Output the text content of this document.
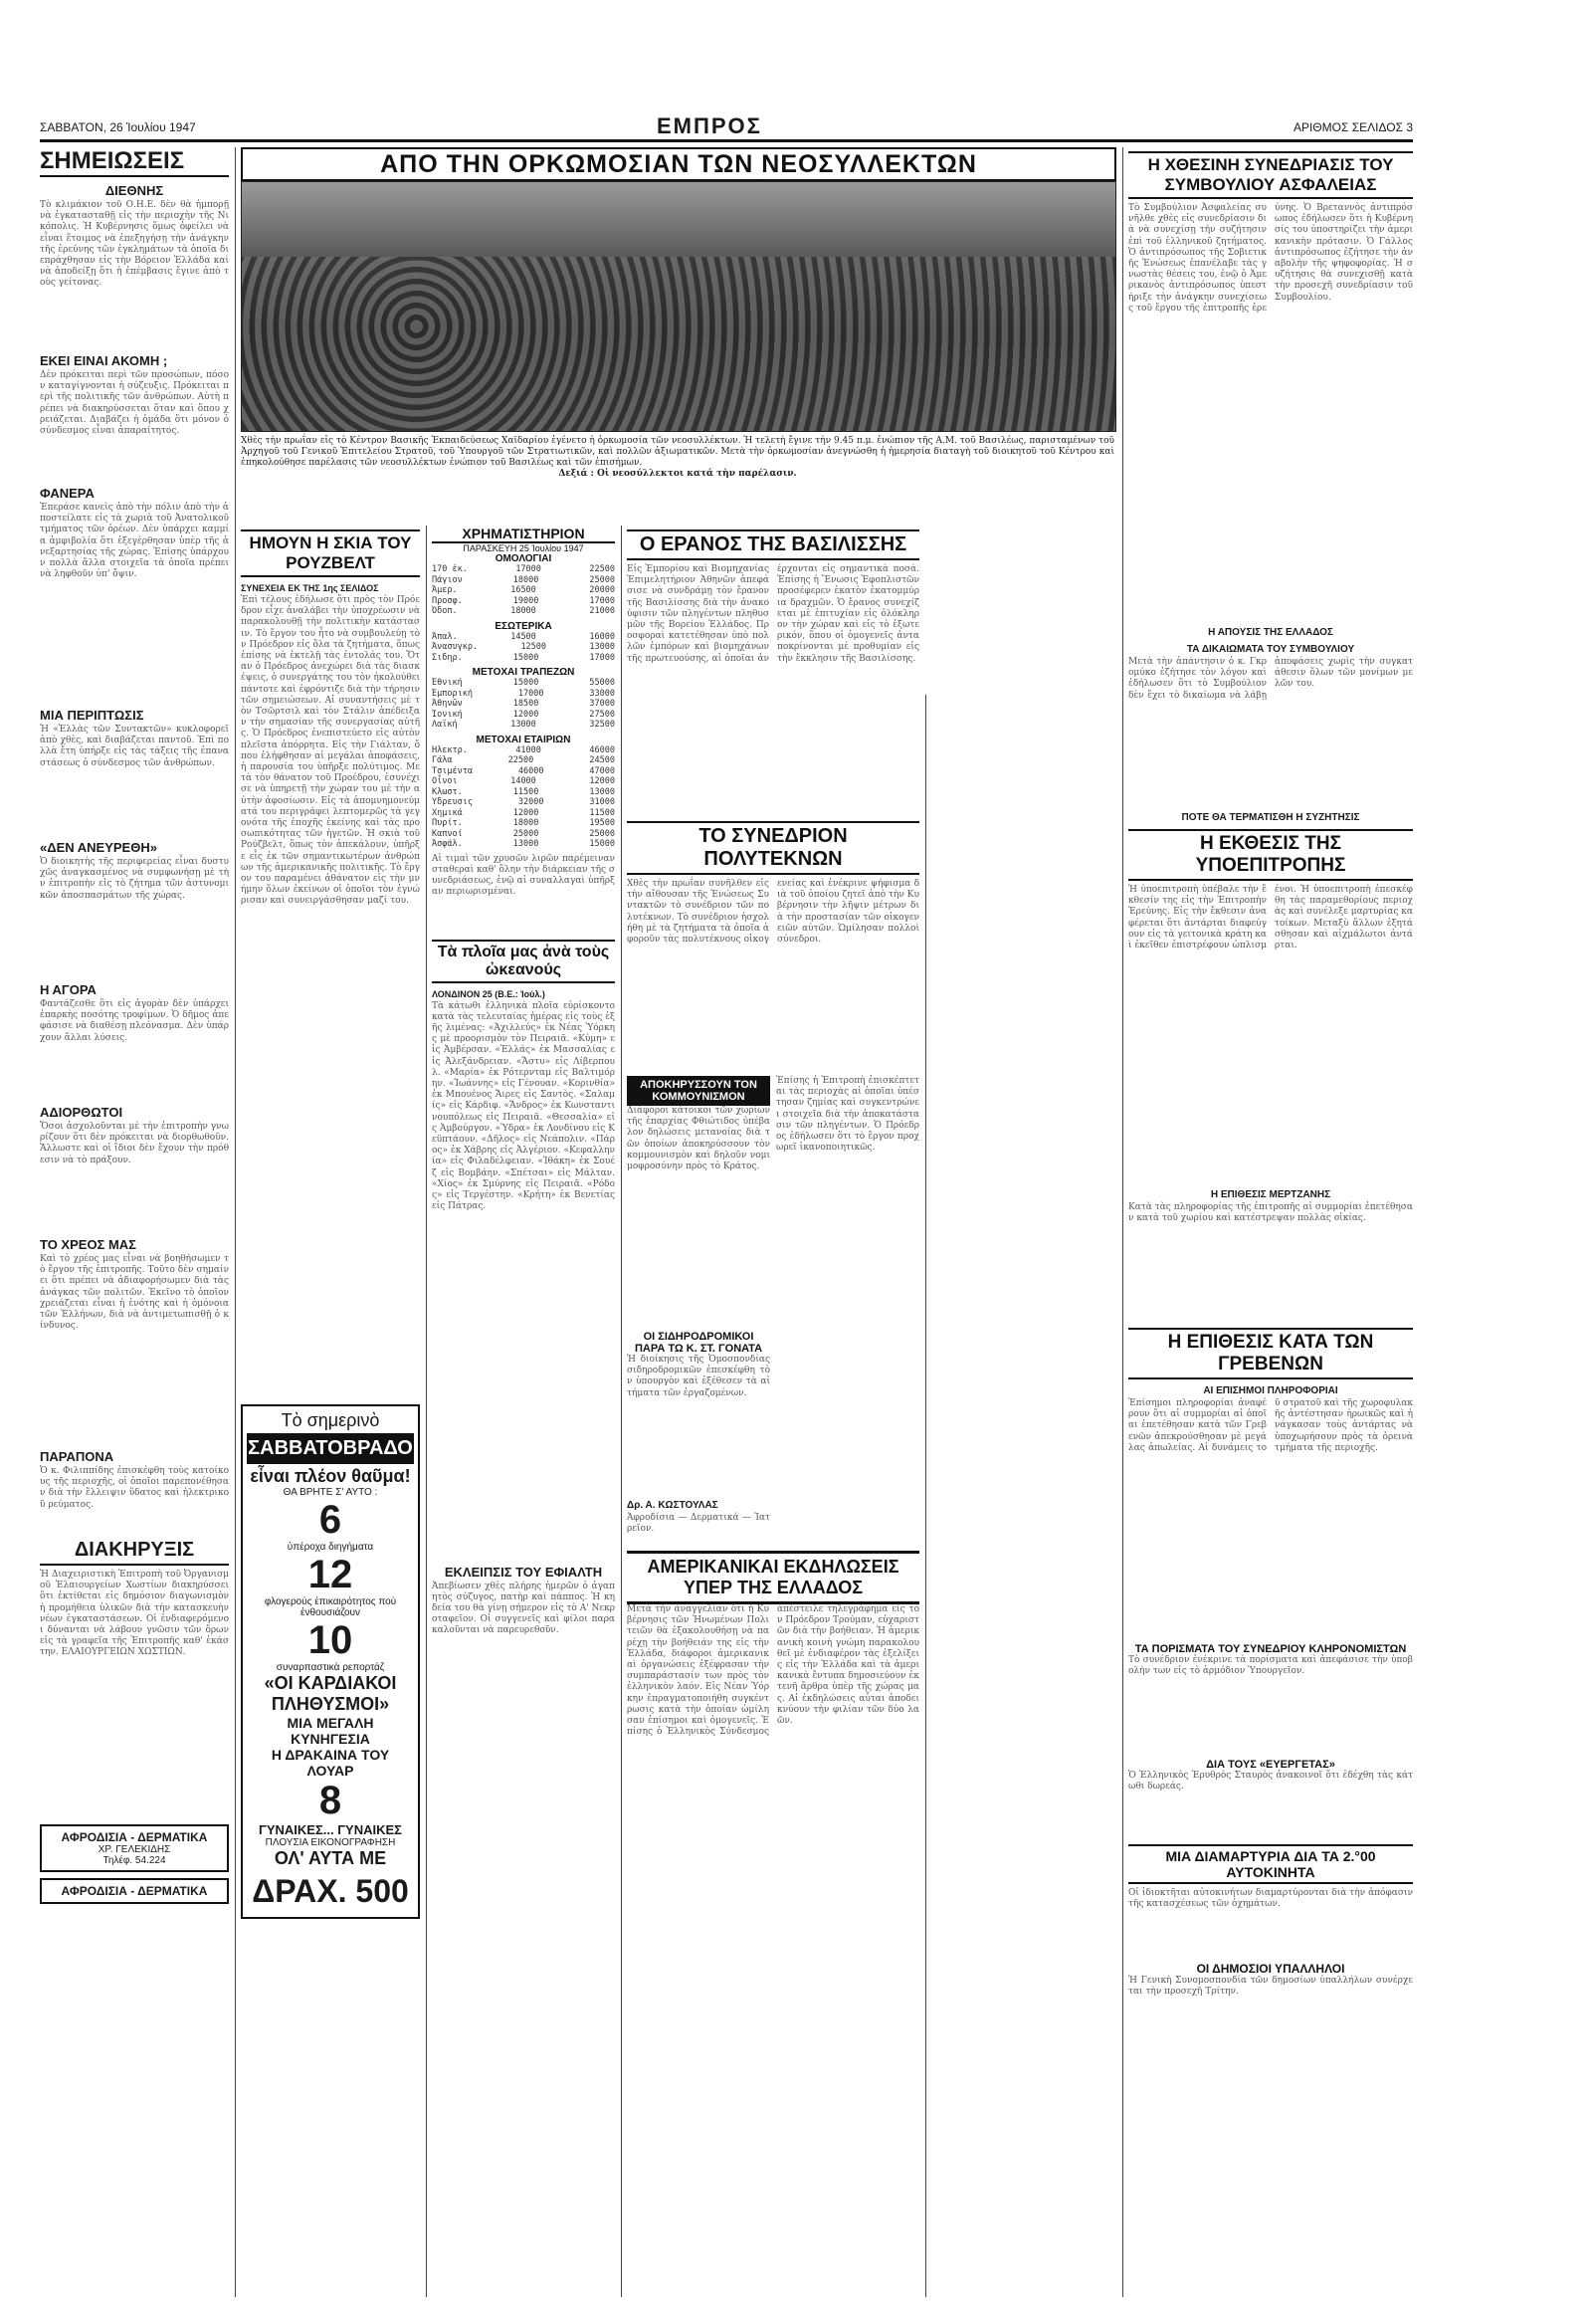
ΣΑΒΒΑΤΟΝ, 26 Ἰουλίου 1947	ΕΜΠΡΟΣ	ΑΡΙΘΜΟΣ ΣΕΛΙΔΟΣ 3
ΣΗΜΕΙΩΣΕΙΣ
ΔΙΕΘΝΗΣ
Τὸ κλιμάκιον τοῦ Ο.Η.Ε. δὲν θὰ ἠμπορῇ νὰ ἐγκατασταθῇ εἰς τὴν περιοχὴν τῆς Νικόπολις. Ἡ Κυβέρνησις ὅμως ὀφείλει νὰ εἶναι ἕτοιμος νὰ ἐπεξηγήσῃ τὴν ἀνάγκην τῆς ἐρεύνης τῶν ἐγκλημάτων τὰ ὁποῖα διεπράχθησαν εἰς τὴν Βόρειον Ἑλλάδα καὶ νὰ ἀποδείξῃ ὅτι ἡ ἐπέμβασις ἔγινε ἀπὸ τοὺς γείτονας.
ΕΚΕΙ ΕΙΝΑΙ ΑΚΟΜΗ ;
Δὲν πρόκειται περὶ τῶν προσώπων, πόσον καταγίγνονται ἡ σύζευξις. Πρόκειται περὶ τῆς πολιτικῆς τῶν ἀνθρώπων. Αὐτὴ πρέπει νὰ διακηρύσσεται ὅταν καὶ ὅπου χρειάζεται. Διαβάζει ἡ ὁμάδα ὅτι μόνον ὁ σύνδεσμος εἶναι ἀπαραίτητος.
ΦΑΝΕΡΑ
Ἐπεράσε κανεὶς ἀπὸ τὴν πόλιν ἀπὸ τὴν ἀποστείλατε εἰς τὰ χωριὰ τοῦ Ἀνατολικοῦ τμήματος τῶν ὀρέων. Δὲν ὑπάρχει καμμία ἀμφιβολία ὅτι ἐξεγέρθησαν ὑπὲρ τῆς ἀνεξαρτησίας τῆς χώρας. Ἐπίσης ὑπάρχουν πολλὰ ἄλλα στοιχεῖα τὰ ὁποῖα πρέπει νὰ ληφθοῦν ὑπ' ὄψιν.
ΜΙΑ ΠΕΡΙΠΤΩΣΙΣ
Ἡ «Ἑλλὰς τῶν Συντακτῶν» κυκλοφορεῖ ἀπὸ χθὲς, καὶ διαβάζεται παντοῦ. Ἐπὶ πολλὰ ἔτη ὑπήρξε εἰς τὰς τάξεις τῆς ἐπαναστάσεως ὁ σύνδεσμος τῶν ἀνθρώπων.
«ΔΕΝ ΑΝΕΥΡΕΘΗ»
Ὁ διοικητὴς τῆς περιφερείας εἶναι δυστυχῶς ἀναγκασμένος νὰ συμφωνήσῃ μὲ τὴν ἐπιτροπὴν εἰς τὸ ζήτημα τῶν ἀστυνομικῶν ἀποσπασμάτων τῆς χώρας.
Η ΑΓΟΡΑ
Φαντάζεσθε ὅτι εἰς ἀγορὰν δὲν ὑπάρχει ἐπαρκὴς ποσότης τροφίμων. Ὁ δῆμος ἀπεφάσισε νὰ διαθέσῃ πλεόνασμα. Δὲν ὑπάρχουν ἄλλαι λύσεις.
ΑΔΙΟΡΘΩΤΟΙ
Ὅσοι ἀσχολοῦνται μὲ τὴν ἐπιτροπὴν γνωρίζουν ὅτι δὲν πρόκειται νὰ διορθωθοῦν. Ἄλλωστε καὶ οἱ ἴδιοι δὲν ἔχουν τὴν πρόθεσιν νὰ τὸ πράξουν.
ΤΟ ΧΡΕΟΣ ΜΑΣ
Καὶ τὸ χρέος μας εἶναι νὰ βοηθήσωμεν τὸ ἔργον τῆς ἐπιτροπῆς. Τοῦτο δὲν σημαίνει ὅτι πρέπει νὰ ἀδιαφορήσωμεν διὰ τὰς ἀνάγκας τῶν πολιτῶν. Ἐκεῖνο τὸ ὁποῖον χρειάζεται εἶναι ἡ ἑνότης καὶ ἡ ὁμόνοια τῶν Ἑλλήνων, διὰ νὰ ἀντιμετωπισθῇ ὁ κίνδυνος.
ΠΑΡΑΠΟΝΑ
Ὁ κ. Φιλιππίδης ἐπισκέφθη τοὺς κατοίκους τῆς περιοχῆς, οἱ ὁποῖοι παρεπονέθησαν διὰ τὴν ἔλλειψιν ὕδατος καὶ ἠλεκτρικοῦ ρεύματος.
ΔΙΑΚΗΡΥΞΙΣ
Ἡ Διαχειριστικὴ Ἐπιτροπὴ τοῦ Ὀργανισμοῦ Ἐλαιουργείων Χωστίων διακηρύσσει ὅτι ἐκτίθεται εἰς δημόσιον διαγωνισμὸν ἡ προμήθεια ὑλικῶν διὰ τὴν κατασκευὴν νέων ἐγκαταστάσεων. Οἱ ἐνδιαφερόμενοι δύνανται νὰ λάβουν γνῶσιν τῶν ὅρων εἰς τὰ γραφεῖα τῆς Ἐπιτροπῆς καθ' ἑκάστην. ΕΛΑΙΟΥΡΓΕΙΩΝ ΧΩΣΤΙΩΝ.
ΑΦΡΟΔΙΣΙΑ - ΔΕΡΜΑΤΙΚΑ
ΧΡ. ΓΕΛΕΚΙΔΗΣ
Τηλέφ. 54.224
ΑΦΡΟΔΙΣΙΑ - ΔΕΡΜΑΤΙΚΑ
ΑΠΟ ΤΗΝ ΟΡΚΩΜΟΣΙΑΝ ΤΩΝ ΝΕΟΣΥΛΛΕΚΤΩΝ
Χθὲς τὴν πρωΐαν εἰς τὸ Κέντρον Βασικῆς Ἐκπαιδεύσεως Χαϊδαρίου ἐγένετο ἡ ὁρκωμοσία τῶν νεοσυλλέκτων. Ἡ τελετὴ ἔγινε τὴν 9.45 π.μ. ἐνώπιον τῆς Α.Μ. τοῦ Βασιλέως, παρισταμένων τοῦ Ἀρχηγοῦ τοῦ Γενικοῦ Ἐπιτελείου Στρατοῦ, τοῦ Ὑπουργοῦ τῶν Στρατιωτικῶν, καὶ πολλῶν ἀξιωματικῶν. Μετὰ τὴν ὁρκωμοσίαν ἀνεγνώσθη ἡ ἡμερησία διαταγὴ τοῦ διοικητοῦ τοῦ Κέντρου καὶ ἐπηκολούθησε παρέλασις τῶν νεοσυλλέκτων ἐνώπιον τοῦ Βασιλέως καὶ τῶν ἐπισήμων.
Δεξιά : Οἱ νεοσύλλεκτοι κατά τὴν παρέλασιν.
ΗΜΟΥΝ Η ΣΚΙΑ ΤΟΥ ΡΟΥΖΒΕΛΤ
ΣΥΝΕΧΕΙΑ ΕΚ ΤΗΣ 1ης ΣΕΛΙΔΟΣ
Ἐπὶ τέλους ἐδήλωσε ὅτι πρὸς τὸν Πρόεδρον εἶχε ἀναλάβει τὴν ὑποχρέωσιν νὰ παρακολουθῇ τὴν πολιτικὴν κατάστασιν. Τὸ ἔργον του ἦτο νὰ συμβουλεύῃ τὸν Πρόεδρον εἰς ὅλα τὰ ζητήματα, ὅπως ἐπίσης νὰ ἐκτελῇ τὰς ἐντολάς του. Ὅταν ὁ Πρόεδρος ἀνεχώρει διὰ τὰς διασκέψεις, ὁ συνεργάτης του τὸν ἠκολούθει πάντοτε καὶ ἐφρόντιζε διὰ τὴν τήρησιν τῶν σημειώσεων. Αἱ συναντήσεις μὲ τὸν Τσῶρτσιλ καὶ τὸν Στάλιν ἀπέδειξαν τὴν σημασίαν τῆς συνεργασίας αὐτῆς. Ὁ Πρόεδρος ἐνεπιστεύετο εἰς αὐτὸν πλεῖστα ἀπόρρητα. Εἰς τὴν Γιάλταν, ὅπου ἐλήφθησαν αἱ μεγάλαι ἀποφάσεις, ἡ παρουσία του ὑπῆρξε πολύτιμος. Μετὰ τὸν θάνατον τοῦ Προέδρου, ἐσυνέχισε νὰ ὑπηρετῇ τὴν χώραν του μὲ τὴν αὐτὴν ἀφοσίωσιν. Εἰς τὰ ἀπομνημονεύματά του περιγράφει λεπτομερῶς τὰ γεγονότα τῆς ἐποχῆς ἐκείνης καὶ τὰς προσωπικότητας τῶν ἡγετῶν. Ἡ σκιὰ τοῦ Ρούζβελτ, ὅπως τὸν ἀπεκάλουν, ὑπῆρξε εἷς ἐκ τῶν σημαντικωτέρων ἀνθρώπων τῆς ἀμερικανικῆς πολιτικῆς. Τὸ ἔργον του παραμένει ἀθάνατον εἰς τὴν μνήμην ὅλων ἐκείνων οἱ ὁποῖοι τὸν ἐγνώρισαν καὶ συνειργάσθησαν μαζί του.
Τὸ σημερινὸ
ΣΑΒΒΑΤΟΒΡΑΔΟ
εἶναι πλέον θαῦμα!
ΘΑ ΒΡΗΤΕ Σ' ΑΥΤΟ :
6
ὑπέροχα διηγήματα
12
φλογερούς ἐπικαιρότητος ποὺ ἐνθουσιάζουν
10
συναρπαστικὰ ρεπορτάζ
«ΟΙ ΚΑΡΔΙΑΚΟΙ ΠΛΗΘΥΣΜΟΙ»
ΜΙΑ ΜΕΓΑΛΗ ΚΥΝΗΓΕΣΙΑ
Η ΔΡΑΚΑΙΝΑ ΤΟΥ ΛΟΥΑΡ
8
ΓΥΝΑΙΚΕΣ... ΓΥΝΑΙΚΕΣ
ΠΛΟΥΣΙΑ ΕΙΚΟΝΟΓΡΑΦΗΣΗ
ΟΛ' ΑΥΤΑ ΜΕ
ΔΡΑΧ. 500
ΧΡΗΜΑΤΙΣΤΗΡΙΟΝ
ΠΑΡΑΣΚΕΥΗ 25 Ἰουλίου 1947
ΟΜΟΛΟΓΙΑΙ
170 ἐκ.	17000	22500
Πάγιον	18000	25000
Ἀμερ.	16500	20000
Προσφ.	19000	17000
Ὀδοπ.	18000	21000
ΕΣΩΤΕΡΙΚΑ
Ἀπαλ.	14500	16000
Ἀνασυγκρ.	12500	13000
Σιδηρ.	15000	17000
ΜΕΤΟΧΑΙ ΤΡΑΠΕΖΩΝ
Ἐθνική	15000	55000
Ἐμπορική	17000	33000
Ἀθηνῶν	18500	37000
Ἰονική	12000	27500
Λαϊκή	13000	32500
ΜΕΤΟΧΑΙ ΕΤΑΙΡΙΩΝ
Ἠλεκτρ.	41000	46000
Γάλα	22500	24500
Τσιμέντα	46000	47000
Οἶνοι	14000	12000
Κλωστ.	11500	13000
Ὕδρευσις	32000	31000
Χημικά	12000	11500
Πυρίτ.	18000	19500
Καπνοί	25000	25000
Ἀσφάλ.	13000	15000
Αἱ τιμαὶ τῶν χρυσῶν λιρῶν παρέμειναν σταθεραὶ καθ' ὅλην τὴν διάρκειαν τῆς συνεδριάσεως, ἐνῷ αἱ συναλλαγαὶ ὑπῆρξαν περιωρισμέναι.
Τὰ πλοῖα μας ἀνὰ τοὺς ὠκεανούς
ΛΟΝΔΙΝΟΝ 25 (Β.Ε.: Ἰούλ.)
Τὰ κάτωθι ἑλληνικὰ πλοῖα εὑρίσκοντο κατὰ τὰς τελευταίας ἡμέρας εἰς τοὺς ἑξῆς λιμένας: «Ἀχιλλεύς» ἐκ Νέας Ὑόρκης μὲ προορισμὸν τὸν Πειραιᾶ. «Κύμη» εἰς Ἀμβέρσαν. «Ἑλλάς» ἐκ Μασσαλίας εἰς Ἀλεξάνδρειαν. «Ἄστυ» εἰς Λίβερπουλ. «Μαρία» ἐκ Ρότερνταμ εἰς Βαλτιμόρην. «Ἰωάννης» εἰς Γένουαν. «Κορινθία» ἐκ Μπουένος Ἄιρες εἰς Σαντὸς. «Σαλαμίς» εἰς Κάρδιφ. «Ἄνδρος» ἐκ Κωνσταντινουπόλεως εἰς Πειραιᾶ. «Θεσσαλία» εἰς Ἀμβούργον. «Ὑδρα» ἐκ Λονδίνου εἰς Κεϋπτάουν. «Δῆλος» εἰς Νεάπολιν. «Πάρος» ἐκ Χάβρης εἰς Ἀλγέριον. «Κεφαλληνία» εἰς Φιλαδέλφειαν. «Ἰθάκη» ἐκ Σουέζ εἰς Βομβάην. «Σπέτσαι» εἰς Μάλταν. «Χίος» ἐκ Σμύρνης εἰς Πειραιᾶ. «Ρόδος» εἰς Τεργέστην. «Κρήτη» ἐκ Βενετίας εἰς Πάτρας.
ΕΚΛΕΙΠΣΙΣ ΤΟΥ ΕΦΙΑΛΤΗ
Ἀπεβίωσεν χθὲς πλήρης ἡμερῶν ὁ ἀγαπητὸς σύζυγος, πατὴρ καὶ πάππος. Ἡ κηδεία του θὰ γίνῃ σήμερον εἰς τὸ Α' Νεκροταφεῖον. Οἱ συγγενεῖς καὶ φίλοι παρακαλοῦνται νὰ παρευρεθοῦν.
Ο ΕΡΑΝΟΣ ΤΗΣ ΒΑΣΙΛΙΣΣΗΣ
Εἰς Ἐμπορίου καὶ Βιομηχανίας Ἐπιμελητήριον Ἀθηνῶν ἀπεφάσισε νὰ συνδράμῃ τὸν ἔρανον τῆς Βασιλίσσης διὰ τὴν ἀνακούφισιν τῶν πληγέντων πληθυσμῶν τῆς Βορείου Ἑλλάδος. Προσφοραὶ κατετέθησαν ὑπὸ πολλῶν ἐμπόρων καὶ βιομηχάνων τῆς πρωτευούσης, αἱ ὁποῖαι ἀνέρχονται εἰς σημαντικὰ ποσά. Ἐπίσης ἡ Ἕνωσις Ἐφοπλιστῶν προσέφερεν ἑκατὸν ἑκατομμύρια δραχμῶν. Ὁ ἔρανος συνεχίζεται μὲ ἐπιτυχίαν εἰς ὁλόκληρον τὴν χώραν καὶ εἰς τὸ ἐξωτερικόν, ὅπου οἱ ὁμογενεῖς ἀνταποκρίνονται μὲ προθυμίαν εἰς τὴν ἔκκλησιν τῆς Βασιλίσσης.
ΤΟ ΣΥΝΕΔΡΙΟΝ ΠΟΛΥΤΕΚΝΩΝ
Χθὲς τὴν πρωΐαν συνῆλθεν εἰς τὴν αἴθουσαν τῆς Ἑνώσεως Συντακτῶν τὸ συνέδριον τῶν πολυτέκνων. Τὸ συνέδριον ἠσχολήθη μὲ τὰ ζητήματα τὰ ὁποῖα ἀφοροῦν τὰς πολυτέκνους οἰκογενείας καὶ ἐνέκρινε ψήφισμα διὰ τοῦ ὁποίου ζητεῖ ἀπὸ τὴν Κυβέρνησιν τὴν λῆψιν μέτρων διὰ τὴν προστασίαν τῶν οἰκογενειῶν αὐτῶν. Ὡμίλησαν πολλοὶ σύνεδροι.
ΑΠΟΚΗΡΥΣΣΟΥΝ ΤΟΝ ΚΟΜΜΟΥΝΙΣΜΟΝ
Διάφοροι κάτοικοι τῶν χωρίων τῆς ἐπαρχίας Φθιώτιδος ὑπέβαλον δηλώσεις μετανοίας διὰ τῶν ὁποίων ἀποκηρύσσουν τὸν κομμουνισμὸν καὶ δηλοῦν νομιμοφροσύνην πρὸς τὸ Κράτος.
ΟΙ ΣΙΔΗΡΟΔΡΟΜΙΚΟΙ ΠΑΡΑ ΤΩ Κ. ΣΤ. ΓΟΝΑΤΑ
Ἡ διοίκησις τῆς Ὁμοσπονδίας σιδηροδρομικῶν ἐπεσκέφθη τὸν ὑπουργὸν καὶ ἐξέθεσεν τὰ αἰτήματα τῶν ἐργαζομένων.
Δρ. Α. ΚΩΣΤΟΥΛΑΣ
Ἀφροδίσια — Δερματικά — Ἰατρεῖον.
Ἐπίσης ἡ Ἐπιτροπὴ ἐπισκέπτεται τὰς περιοχὰς αἱ ὁποῖαι ὑπέστησαν ζημίας καὶ συγκεντρώνει στοιχεῖα διὰ τὴν ἀποκατάστασιν τῶν πληγέντων. Ὁ Πρόεδρος ἐδήλωσεν ὅτι τὸ ἔργον προχωρεῖ ἱκανοποιητικῶς.
ΑΜΕΡΙΚΑΝΙΚΑΙ ΕΚΔΗΛΩΣΕΙΣ ΥΠΕΡ ΤΗΣ ΕΛΛΑΔΟΣ
Μετὰ τὴν ἀναγγελίαν ὅτι ἡ Κυβέρνησις τῶν Ἡνωμένων Πολιτειῶν θὰ ἐξακολουθήσῃ νὰ παρέχῃ τὴν βοήθειάν της εἰς τὴν Ἑλλάδα, διάφοροι ἀμερικανικαὶ ὀργανώσεις ἐξέφρασαν τὴν συμπαράστασίν των πρὸς τὸν ἑλληνικὸν λαόν. Εἰς Νέαν Ὑόρκην ἐπραγματοποιήθη συγκέντρωσις κατὰ τὴν ὁποίαν ὡμίλησαν ἐπίσημοι καὶ ὁμογενεῖς. Ἐπίσης ὁ Ἑλληνικὸς Σύνδεσμος ἀπέστειλε τηλεγράφημα εἰς τὸν Πρόεδρον Τρούμαν, εὐχαριστῶν διὰ τὴν βοήθειαν. Ἡ ἀμερικανικὴ κοινὴ γνώμη παρακολουθεῖ μὲ ἐνδιαφέρον τὰς ἐξελίξεις εἰς τὴν Ἑλλάδα καὶ τὰ ἀμερικανικὰ ἔντυπα δημοσιεύουν ἐκτενῆ ἄρθρα ὑπὲρ τῆς χώρας μας. Αἱ ἐκδηλώσεις αὗται ἀποδεικνύουν τὴν φιλίαν τῶν δύο λαῶν.
Η ΧΘΕΣΙΝΗ ΣΥΝΕΔΡΙΑΣΙΣ ΤΟΥ ΣΥΜΒΟΥΛΙΟΥ ΑΣΦΑΛΕΙΑΣ
Τὸ Συμβούλιον Ἀσφαλείας συνῆλθε χθὲς εἰς συνεδρίασιν διὰ νὰ συνεχίσῃ τὴν συζήτησιν ἐπὶ τοῦ ἑλληνικοῦ ζητήματος. Ὁ ἀντιπρόσωπος τῆς Σοβιετικῆς Ἑνώσεως ἐπανέλαβε τὰς γνωστὰς θέσεις του, ἐνῷ ὁ Ἀμερικανὸς ἀντιπρόσωπος ὑπεστήριξε τὴν ἀνάγκην συνεχίσεως τοῦ ἔργου τῆς ἐπιτροπῆς ἐρεύνης. Ὁ Βρεταννὸς ἀντιπρόσωπος ἐδήλωσεν ὅτι ἡ Κυβέρνησίς του ὑποστηρίζει τὴν ἀμερικανικὴν πρότασιν. Ὁ Γάλλος ἀντιπρόσωπος ἐζήτησε τὴν ἀναβολὴν τῆς ψηφοφορίας. Ἡ συζήτησις θὰ συνεχισθῇ κατὰ τὴν προσεχῆ συνεδρίασιν τοῦ Συμβουλίου.
Η ΑΠΟΥΣΙΣ ΤΗΣ ΕΛΛΑΔΟΣ
ΤΑ ΔΙΚΑΙΩΜΑΤΑ ΤΟΥ ΣΥΜΒΟΥΛΙΟΥ
Μετὰ τὴν ἀπάντησιν ὁ κ. Γκρομύκο ἐζήτησε τὸν λόγον καὶ ἐδήλωσεν ὅτι τὸ Συμβούλιον δὲν ἔχει τὸ δικαίωμα νὰ λάβῃ ἀποφάσεις χωρὶς τὴν συγκατάθεσιν ὅλων τῶν μονίμων μελῶν του.
ΠΟΤΕ ΘΑ ΤΕΡΜΑΤΙΣΘΗ Η ΣΥΖΗΤΗΣΙΣ
Η ΕΚΘΕΣΙΣ ΤΗΣ ΥΠΟΕΠΙΤΡΟΠΗΣ
Ἡ ὑποεπιτροπὴ ὑπέβαλε τὴν ἔκθεσίν της εἰς τὴν Ἐπιτροπὴν Ἐρεύνης. Εἰς τὴν ἔκθεσιν ἀναφέρεται ὅτι ἀντάρται διαφεύγουν εἰς τὰ γειτονικὰ κράτη καὶ ἐκεῖθεν ἐπιστρέφουν ὡπλισμένοι. Ἡ ὑποεπιτροπὴ ἐπεσκέφθη τὰς παραμεθορίους περιοχὰς καὶ συνέλεξε μαρτυρίας κατοίκων. Μεταξὺ ἄλλων ἐξητάσθησαν καὶ αἰχμάλωτοι ἀντάρται.
Η ΕΠΙΘΕΣΙΣ ΜΕΡΤΖΑΝΗΣ
Κατὰ τὰς πληροφορίας τῆς ἐπιτροπῆς αἱ συμμορίαι ἐπετέθησαν κατὰ τοῦ χωρίου καὶ κατέστρεψαν πολλὰς οἰκίας.
Η ΕΠΙΘΕΣΙΣ ΚΑΤΑ ΤΩΝ ΓΡΕΒΕΝΩΝ
ΑΙ ΕΠΙΣΗΜΟΙ ΠΛΗΡΟΦΟΡΙΑΙ
Ἐπίσημοι πληροφορίαι ἀναφέρουν ὅτι αἱ συμμορίαι αἱ ὁποῖαι ἐπετέθησαν κατὰ τῶν Γρεβενῶν ἀπεκρούσθησαν μὲ μεγάλας ἀπωλείας. Αἱ δυνάμεις τοῦ στρατοῦ καὶ τῆς χωροφυλακῆς ἀντέστησαν ἡρωικῶς καὶ ἠνάγκασαν τοὺς ἀντάρτας νὰ ὑποχωρήσουν πρὸς τὰ ὀρεινὰ τμήματα τῆς περιοχῆς.
ΤΑ ΠΟΡΙΣΜΑΤΑ ΤΟΥ ΣΥΝΕΔΡΙΟΥ ΚΛΗΡΟΝΟΜΙΣΤΩΝ
Τὸ συνέδριον ἐνέκρινε τὰ πορίσματα καὶ ἀπεφάσισε τὴν ὑποβολὴν των εἰς τὸ ἁρμόδιον Ὑπουργεῖον.
ΔΙΑ ΤΟΥΣ «ΕΥΕΡΓΕΤΑΣ»
Ὁ Ἑλληνικὸς Ἐρυθρὸς Σταυρὸς ἀνακοινοῖ ὅτι ἐδέχθη τὰς κάτωθι δωρεάς.
ΜΙΑ ΔΙΑΜΑΡΤΥΡΙΑ ΔΙΑ ΤΑ 2.°00 ΑΥΤΟΚΙΝΗΤΑ
Οἱ ἰδιοκτῆται αὐτοκινήτων διαμαρτύρονται διὰ τὴν ἀπόφασιν τῆς κατασχέσεως τῶν ὀχημάτων.
ΟΙ ΔΗΜΟΣΙΟΙ ΥΠΑΛΛΗΛΟΙ
Ἡ Γενικὴ Συνομοσπονδία τῶν δημοσίων ὑπαλλήλων συνέρχεται τὴν προσεχῆ Τρίτην.
